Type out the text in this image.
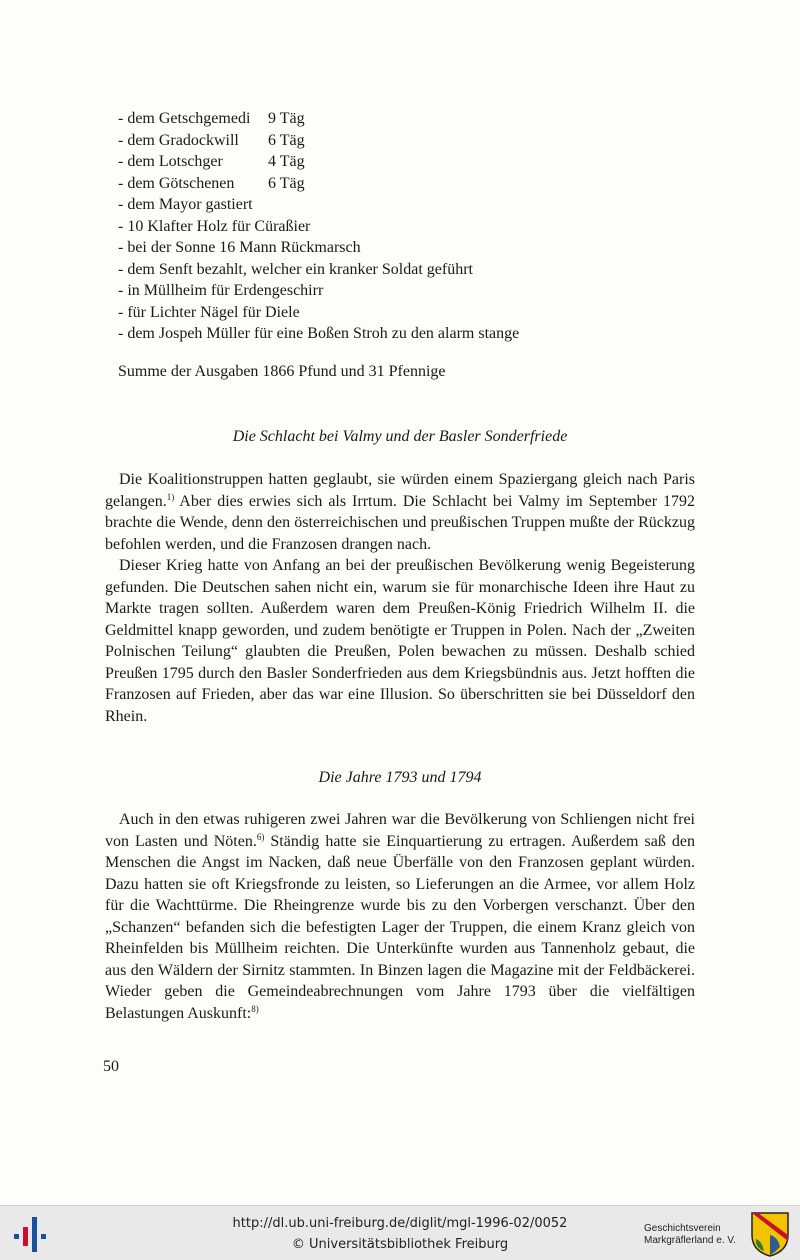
- dem Getschgemedi 9 Täg
- dem Gradockwill 6 Täg
- dem Lotschger	4 Täg
- dem Götschenen 6 Täg
- dem Mayor gastiert
- 10 Klafter Holz für Cüraßier
- bei der Sonne 16 Mann Rückmarsch
- dem Senft bezahlt, welcher ein kranker Soldat geführt
- in Müllheim für Erdengeschirr
- für Lichter Nägel für Diele
- dem Jospeh Müller für eine Boßen Stroh zu den alarm stange
Summe der Ausgaben 1866 Pfund und 31 Pfennige
Die Schlacht bei Valmy und der Basler Sonderfriede

Die Koalitionstruppen hatten geglaubt, sie würden einem Spaziergang gleich nach Paris gelangen.$^{1)}$ Aber dies erwies sich als Irrtum. Die Schlacht bei Valmy im September 1792 brachte die Wende, denn den österreichischen und preußischen Truppen mußte der Rückzug befohlen werden, und die Franzosen drangen nach.

Dieser Krieg hatte von Anfang an bei der preußischen Bevölkerung wenig Begeisterung gefunden. Die Deutschen sahen nicht ein, warum sie für monarchische Ideen ihre Haut zu Markte tragen sollten. Außerdem waren dem Preußen-König Friedrich Wilhelm II. die Geldmittel knapp geworden, und zudem benötigte er Truppen in Polen. Nach der „Zweiten Polnischen Teilung“ glaubten die Preußen, Polen bewachen zu müssen. Deshalb schied Preußen 1795 durch den Basler Sonderfrieden aus dem Kriegsbündnis aus. Jetzt hofften die Franzosen auf Frieden, aber das war eine Illusion. So überschritten sie bei Düsseldorf den Rhein.

Die Jahre 1793 und 1794

Auch in den etwas ruhigeren zwei Jahren war die Bevölkerung von Schliengen nicht frei von Lasten und Nöten.$^{6)}$ Ständig hatte sie Einquartierung zu ertragen. Außerdem saß den Menschen die Angst im Nacken, daß neue Überfälle von den Franzosen geplant würden. Dazu hatten sie oft Kriegsfronde zu leisten, so Lieferungen an die Armee, vor allem Holz für die Wachttürme. Die Rheingrenze wurde bis zu den Vorbergen verschanzt. Über den „Schanzen“ befanden sich die befestigten Lager der Truppen, die einem Kranz gleich von Rheinfelden bis Müllheim reichten. Die Unterkünfte wurden aus Tannenholz gebaut, die aus den Wäldern der Sirnitz stammten. In Binzen lagen die Magazine mit der Feldbäckerei. Wieder geben die Gemeindeabrechnungen vom Jahre 1793 über die vielfältigen Belastungen Auskunft:$^{8)}$

50
http://dl.ub.uni-freiburg.de/diglit/mgl-1996-02/0052
© Universitätsbibliothek Freiburg
Geschichtsverein
Markgräflerland e. V.
